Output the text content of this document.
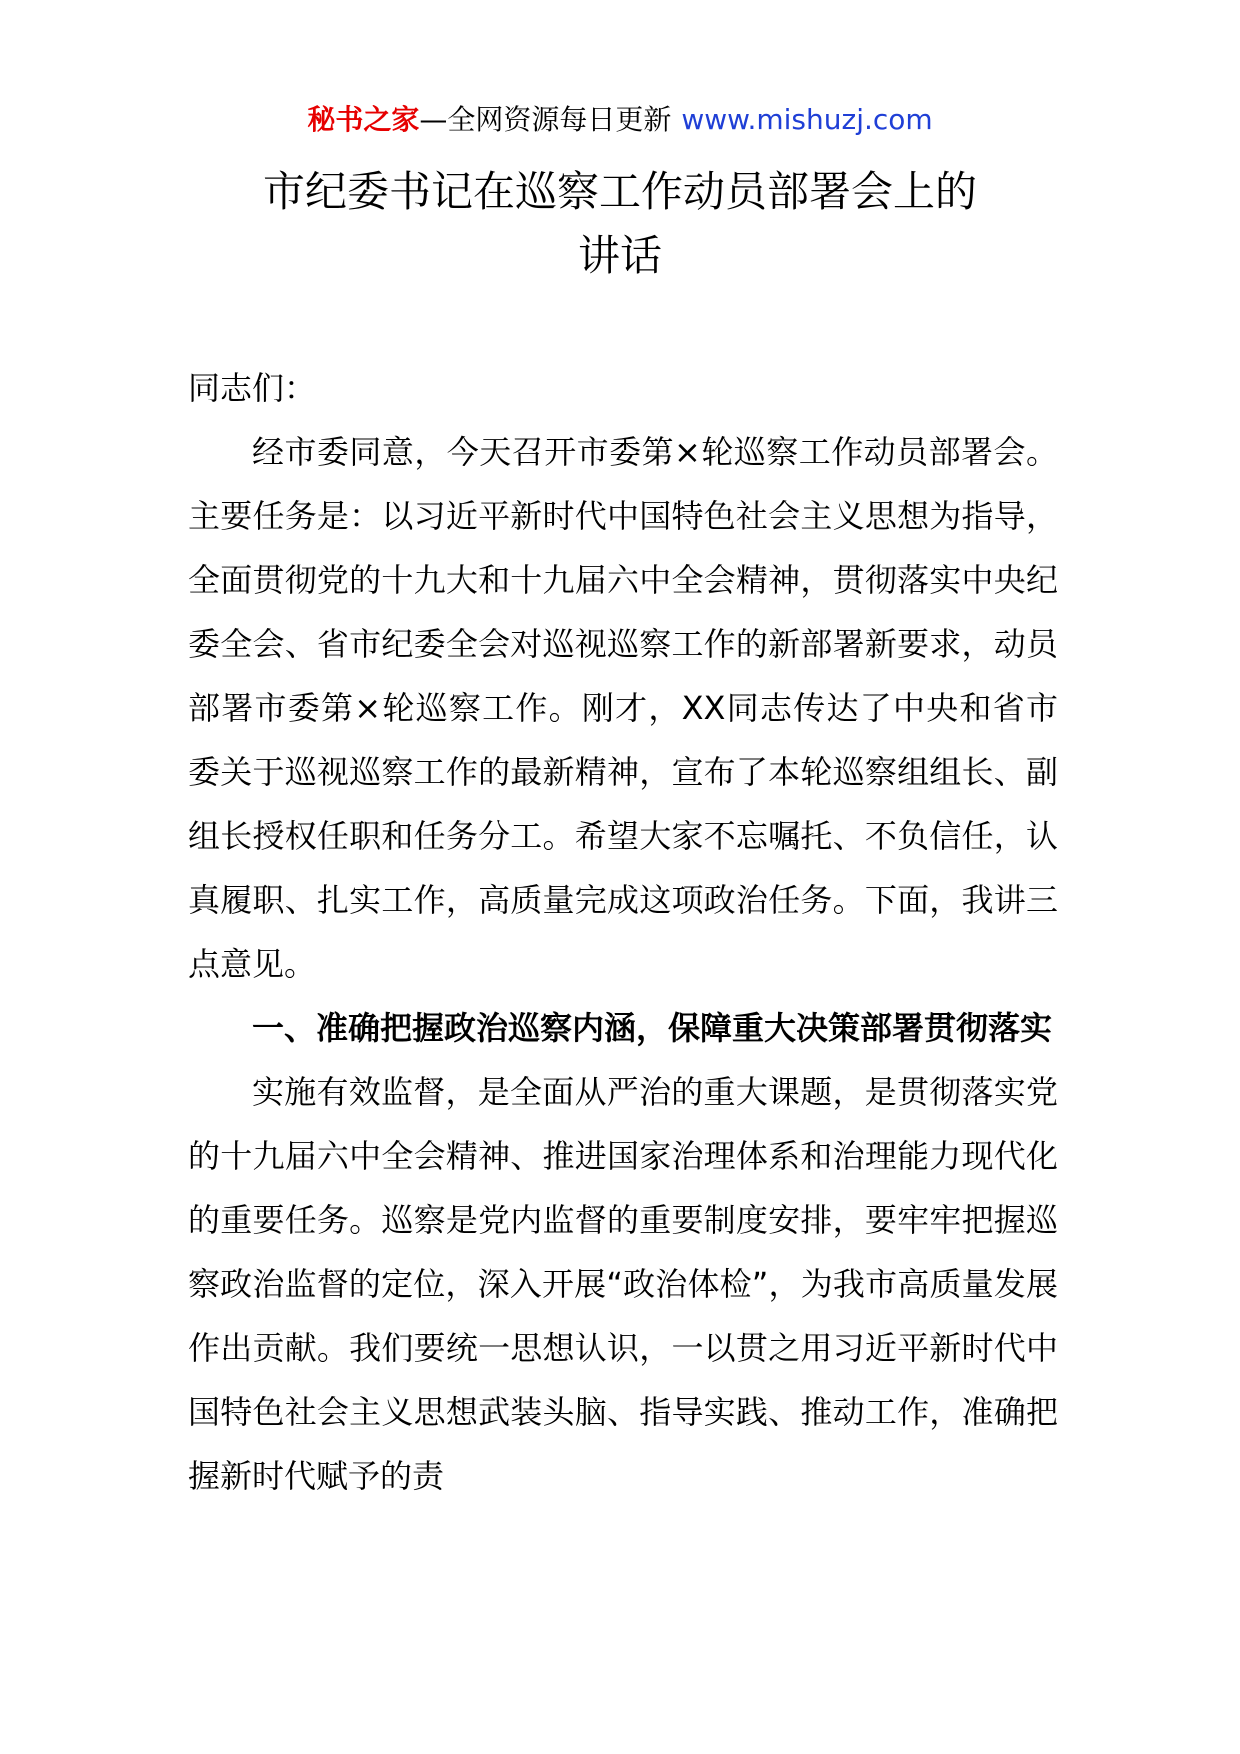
秘书之家—全网资源每日更新 www.mishuzj.com
市纪委书记在巡察工作动员部署会上的
讲话

同志们：

经市委同意，今天召开市委第×轮巡察工作动员部署会。主要任务是：以习近平新时代中国特色社会主义思想为指导，全面贯彻党的十九大和十九届六中全会精神，贯彻落实中央纪委全会、省市纪委全会对巡视巡察工作的新部署新要求，动员部署市委第×轮巡察工作。刚才，XX同志传达了中央和省市委关于巡视巡察工作的最新精神，宣布了本轮巡察组组长、副组长授权任职和任务分工。希望大家不忘嘱托、不负信任，认真履职、扎实工作，高质量完成这项政治任务。下面，我讲三点意见。

一、准确把握政治巡察内涵，保障重大决策部署贯彻落实

实施有效监督，是全面从严治的重大课题，是贯彻落实党的十九届六中全会精神、推进国家治理体系和治理能力现代化的重要任务。巡察是党内监督的重要制度安排，要牢牢把握巡察政治监督的定位，深入开展“政治体检”，为我市高质量发展作出贡献。我们要统一思想认识，一以贯之用习近平新时代中国特色社会主义思想武装头脑、指导实践、推动工作，准确把握新时代赋予的责
